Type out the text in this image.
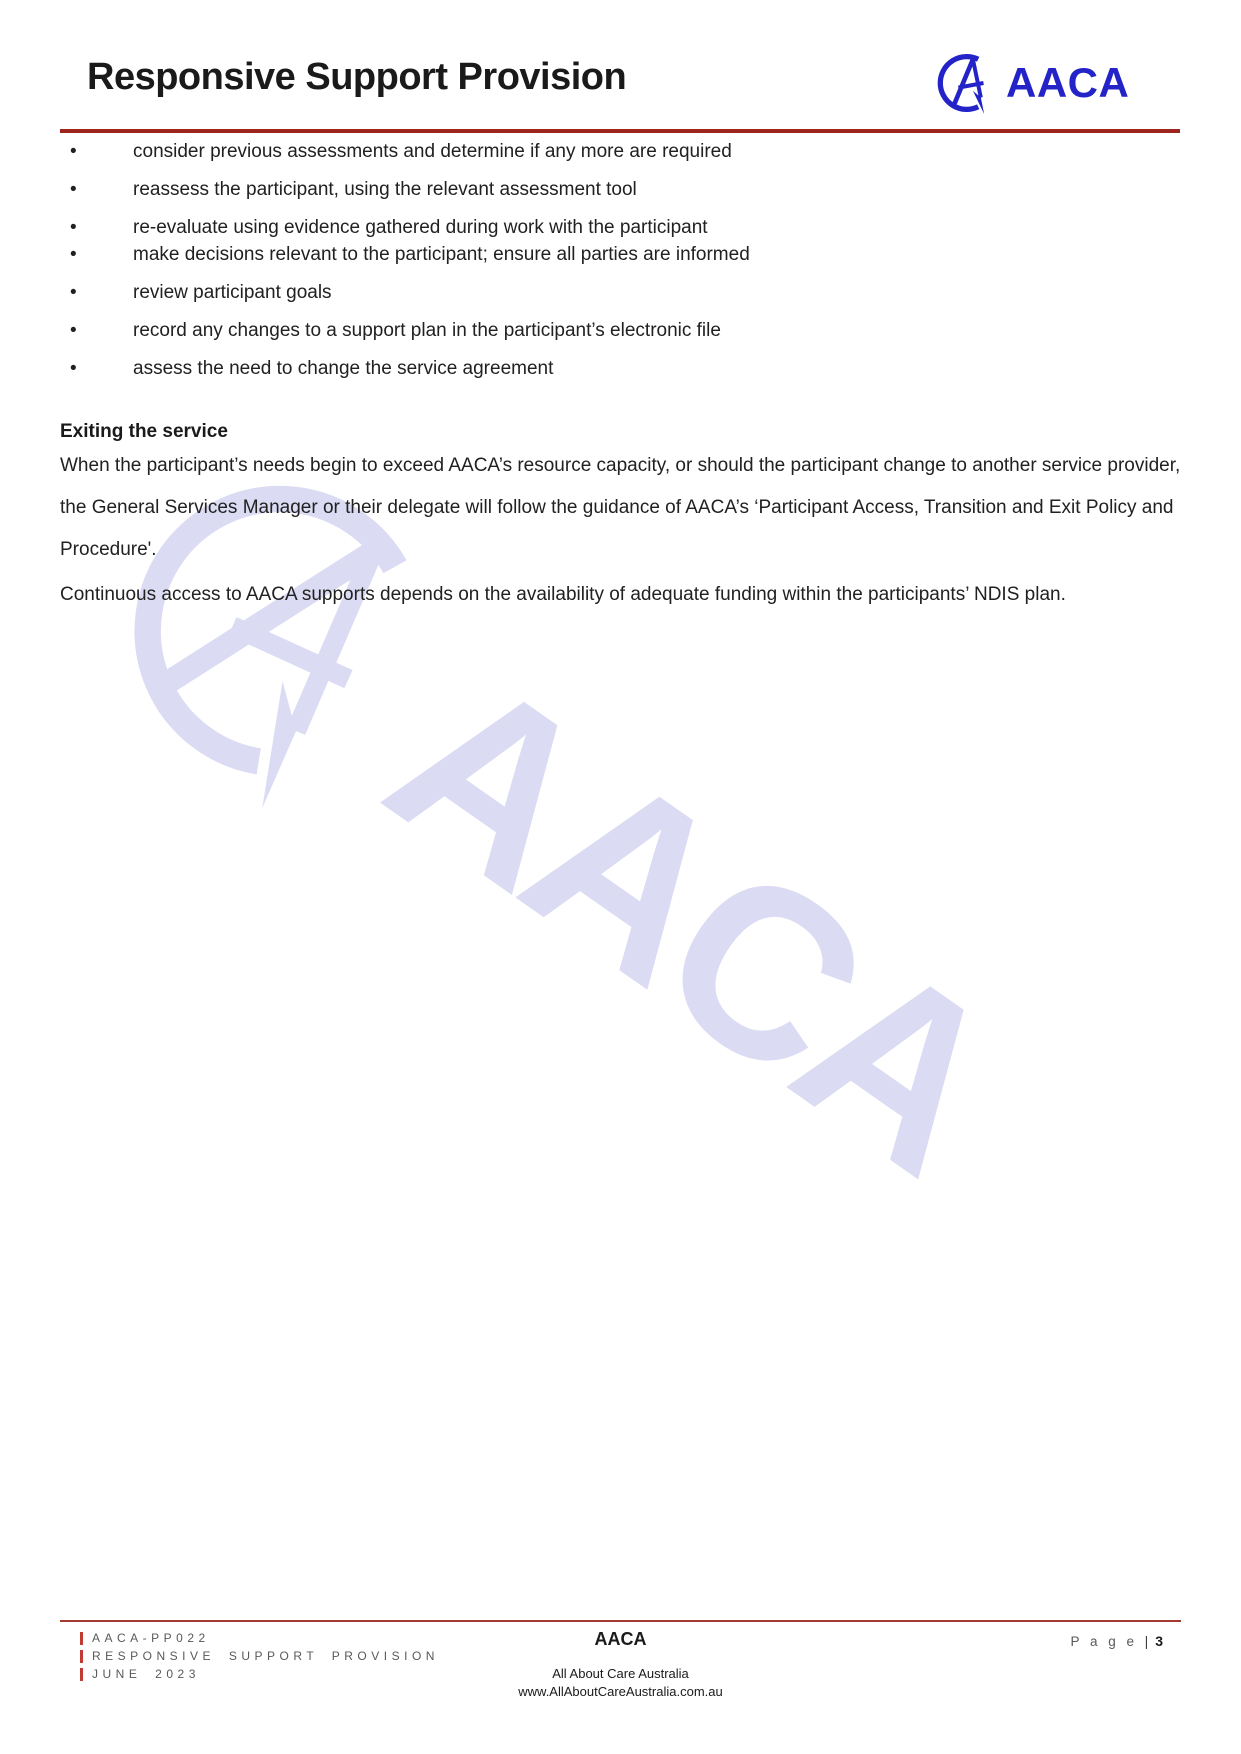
AACA
Responsive Support Provision	AACA
•	consider previous assessments and determine if any more are required
•	reassess the participant, using the relevant assessment tool
•	re-evaluate using evidence gathered during work with the participant
•	make decisions relevant to the participant; ensure all parties are informed
•	review participant goals
•	record any changes to a support plan in the participant’s electronic file
•	assess the need to change the service agreement
Exiting the service

When the participant’s needs begin to exceed AACA’s resource capacity, or should the participant change to another service provider, the General Services Manager or their delegate will follow the guidance of AACA’s ‘Participant Access, Transition and Exit Policy and Procedure'.

Continuous access to AACA supports depends on the availability of adequate funding within the participants’ NDIS plan.

AACA-PP022
RESPONSIVE SUPPORT PROVISION
JUNE 2023
AACA
All About Care Australia
www.AllAboutCareAustralia.com.au
P a g e | 3
